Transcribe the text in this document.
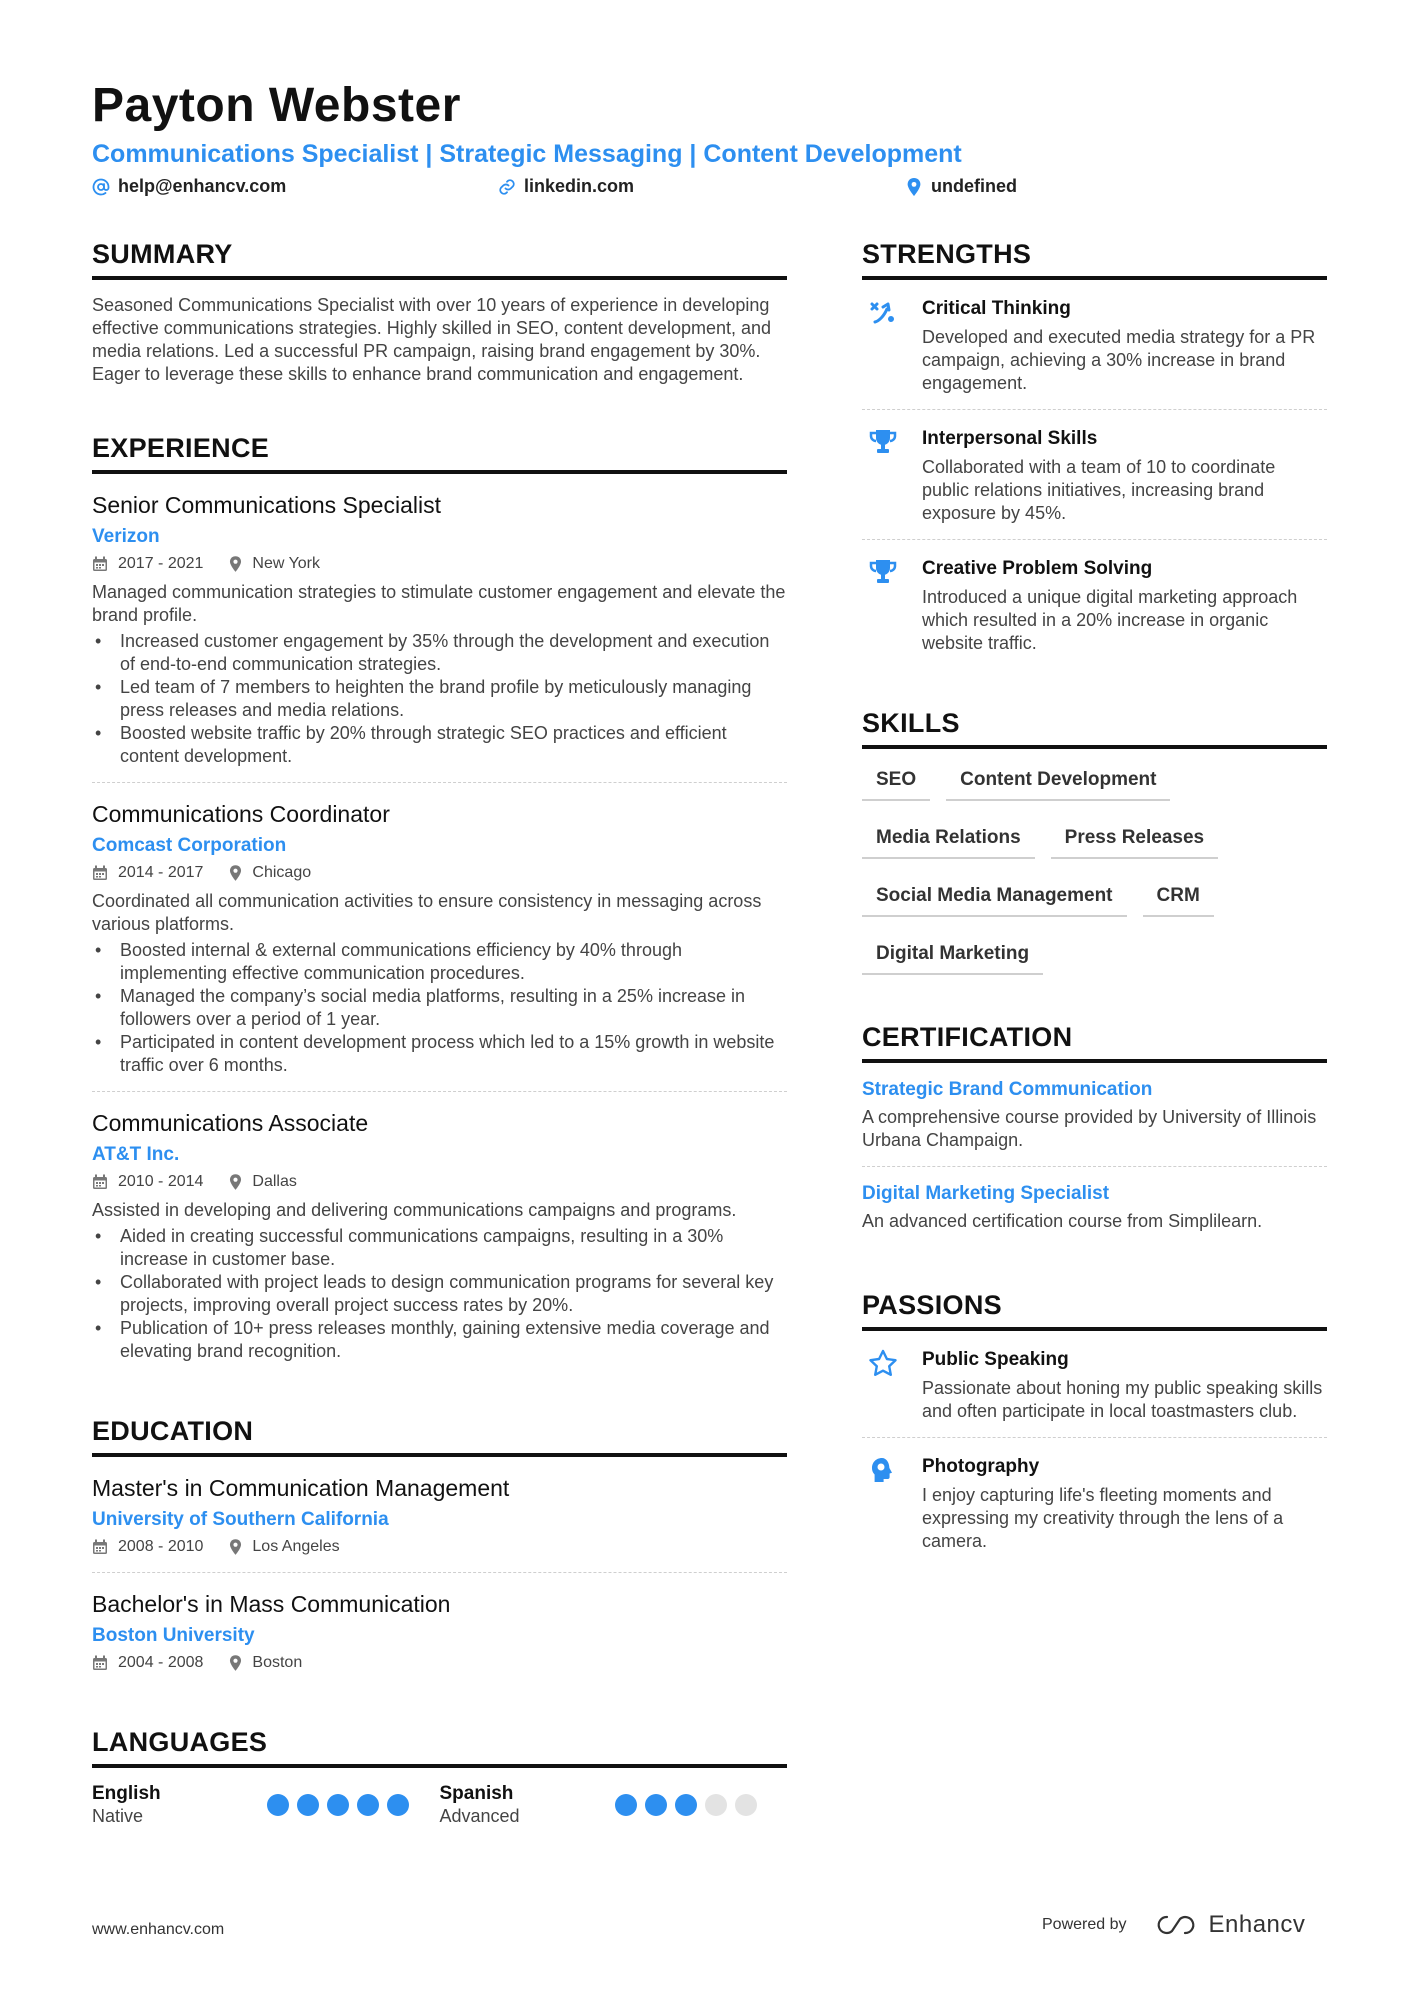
Payton Webster
Communications Specialist | Strategic Messaging | Content Development
help@enhancv.com	linkedin.com	undefined
SUMMARY
Seasoned Communications Specialist with over 10 years of experience in developing effective communications strategies. Highly skilled in SEO, content development, and media relations. Led a successful PR campaign, raising brand engagement by 30%. Eager to leverage these skills to enhance brand communication and engagement.
EXPERIENCE
Senior Communications Specialist
Verizon
2017 - 2021	New York
Managed communication strategies to stimulate customer engagement and elevate the brand profile.
• Increased customer engagement by 35% through the development and execution of end-to-end communication strategies.
• Led team of 7 members to heighten the brand profile by meticulously managing press releases and media relations.
• Boosted website traffic by 20% through strategic SEO practices and efficient content development.
Communications Coordinator
Comcast Corporation
2014 - 2017	Chicago
Coordinated all communication activities to ensure consistency in messaging across various platforms.
• Boosted internal & external communications efficiency by 40% through implementing effective communication procedures.
• Managed the company’s social media platforms, resulting in a 25% increase in followers over a period of 1 year.
• Participated in content development process which led to a 15% growth in website traffic over 6 months.
Communications Associate
AT&T Inc.
2010 - 2014	Dallas
Assisted in developing and delivering communications campaigns and programs.
• Aided in creating successful communications campaigns, resulting in a 30% increase in customer base.
• Collaborated with project leads to design communication programs for several key projects, improving overall project success rates by 20%.
• Publication of 10+ press releases monthly, gaining extensive media coverage and elevating brand recognition.
EDUCATION
Master's in Communication Management
University of Southern California
2008 - 2010	Los Angeles
Bachelor's in Mass Communication
Boston University
2004 - 2008	Boston
LANGUAGES
English
Native
Spanish
Advanced
STRENGTHS
Critical Thinking
Developed and executed media strategy for a PR campaign, achieving a 30% increase in brand engagement.
Interpersonal Skills
Collaborated with a team of 10 to coordinate public relations initiatives, increasing brand exposure by 45%.
Creative Problem Solving
Introduced a unique digital marketing approach which resulted in a 20% increase in organic website traffic.
SKILLS
SEO	Content Development
Media Relations	Press Releases
Social Media Management	CRM
Digital Marketing
CERTIFICATION
Strategic Brand Communication
A comprehensive course provided by University of Illinois Urbana Champaign.
Digital Marketing Specialist
An advanced certification course from Simplilearn.
PASSIONS
Public Speaking
Passionate about honing my public speaking skills and often participate in local toastmasters club.
Photography
I enjoy capturing life's fleeting moments and expressing my creativity through the lens of a camera.
www.enhancv.com	Powered by	Enhancv
